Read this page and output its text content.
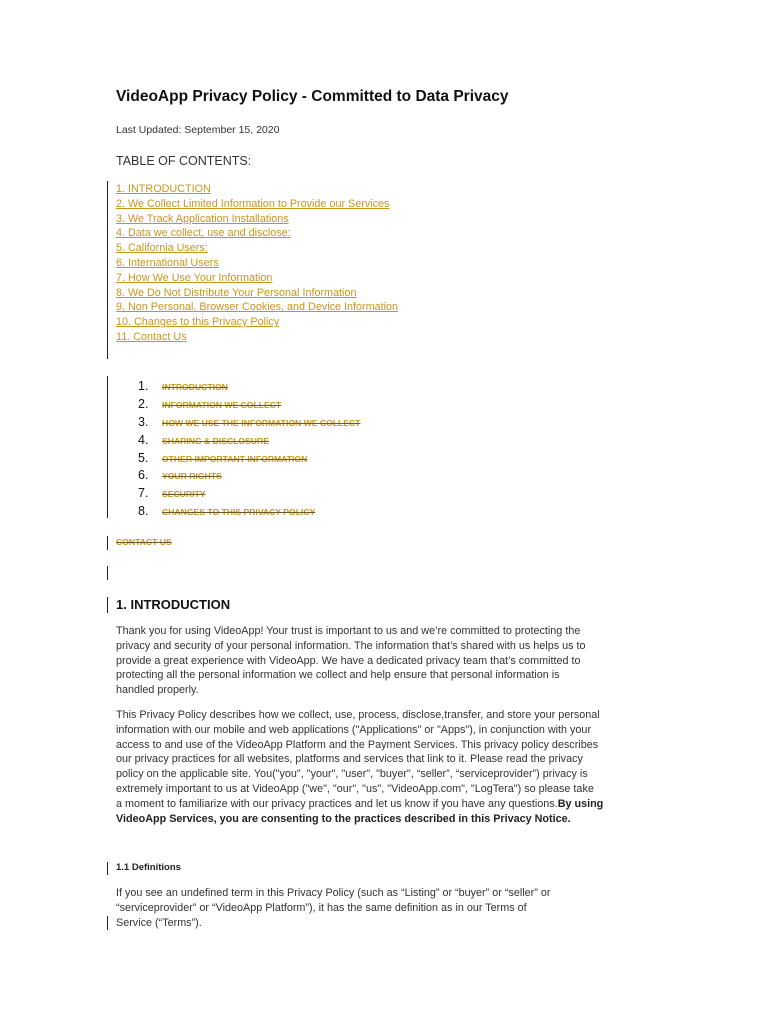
VideoApp Privacy Policy - Committed to Data Privacy
Last Updated: September 15, 2020
TABLE OF CONTENTS:
1. INTRODUCTION
2. We Collect Limited Information to Provide our Services
3. We Track Application Installations
4. Data we collect, use and disclose:
5. California Users:
6. International Users
7. How We Use Your Information
8. We Do Not Distribute Your Personal Information
9. Non Personal, Browser Cookies, and Device Information
10. Changes to this Privacy Policy
11. Contact Us
1. INTRODUCTION
2. INFORMATION WE COLLECT
3. HOW WE USE THE INFORMATION WE COLLECT
4. SHARING & DISCLOSURE
5. OTHER IMPORTANT INFORMATION
6. YOUR RIGHTS
7. SECURITY
8. CHANGES TO THIS PRIVACY POLICY
CONTACT US
1. INTRODUCTION

Thank you for using VideoApp! Your trust is important to us and we’re committed to protecting the
privacy and security of your personal information. The information that’s shared with us helps us to
provide a great experience with VideoApp. We have a dedicated privacy team that’s committed to
protecting all the personal information we collect and help ensure that personal information is
handled properly.

This Privacy Policy describes how we collect, use, process, disclose,transfer, and store your personal
information with our mobile and web applications ("Applications" or "Apps"), in conjunction with your
access to and use of the VideoApp Platform and the Payment Services. This privacy policy describes
our privacy practices for all websites, platforms and services that link to it. Please read the privacy
policy on the applicable site. You("you", "your", "user", "buyer", “seller”, “serviceprovider”) privacy is
extremely important to us at VideoApp ("we", "our", "us", "VideoApp.com", "LogTera") so please take
a moment to familiarize with our privacy practices and let us know if you have any questions.By using
VideoApp Services, you are consenting to the practices described in this Privacy Notice.

1.1 Definitions

If you see an undefined term in this Privacy Policy (such as “Listing” or “buyer” or “seller” or
“serviceprovider” or “VideoApp Platform”), it has the same definition as in our Terms of
Service (“Terms”).
